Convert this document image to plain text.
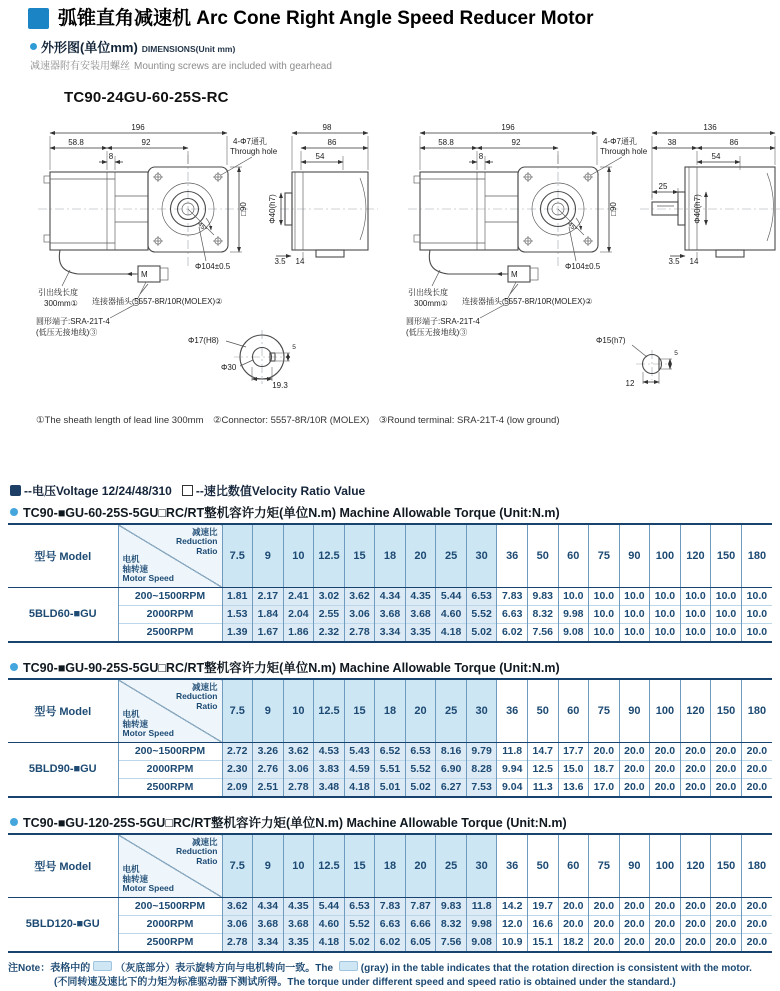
弧锥直角减速机 Arc Cone Right Angle Speed Reducer Motor
外形图(单位mm) DIMENSIONS(Unit mm)
减速器附有安装用螺丝 Mounting screws are included with gearhead
TC90-24GU-60-25S-RC
45°
196
58.8	92
8
□90
4-Φ7通孔
Through hole
Φ104±0.5
M
引出线长度
300mm① 连接器插头:5557-8R/10R(MOLEX)②
圆形端子:SRA-21T-4
(低压无接地线)③
98
86
54
Φ40(h7)
3.5 14
Φ17(H8)
Φ30
19.3
5
45°
196
58.8	92
8
□90
4-Φ7通孔
Through hole
Φ104±0.5
M
引出线长度
300mm① 连接器插头:5557-8R/10R(MOLEX)②
圆形端子:SRA-21T-4
(低压无接地线)③
136
38	86
54
25
Φ40(h7)
3.5 14
Φ15(h7)
12
5
①The sheath length of lead line 300mm　②Connector: 5557-8R/10R (MOLEX)　③Round terminal: SRA-21T-4 (low ground)
--电压Voltage 12/24/48/310 --速比数值Velocity Ratio Value
TC90-■GU-60-25S-5GU□RC/RT整机容许力矩(单位N.m) Machine Allowable Torque (Unit:N.m)
型号 Model	
减速比
Reduction
Ratio
电机
轴转速
Motor Speed
	7.5	9	10	12.5	15	18	20	25	30	36	50	60	75	90	100	120	150	180
5BLD60-■GU	200~1500RPM	1.81	2.17	2.41	3.02	3.62	4.34	4.35	5.44	6.53	7.83	9.83	10.0	10.0	10.0	10.0	10.0	10.0	10.0
	2000RPM	1.53	1.84	2.04	2.55	3.06	3.68	3.68	4.60	5.52	6.63	8.32	9.98	10.0	10.0	10.0	10.0	10.0	10.0
	2500RPM	1.39	1.67	1.86	2.32	2.78	3.34	3.35	4.18	5.02	6.02	7.56	9.08	10.0	10.0	10.0	10.0	10.0	10.0
TC90-■GU-90-25S-5GU□RC/RT整机容许力矩(单位N.m) Machine Allowable Torque (Unit:N.m)
型号 Model	
减速比
Reduction
Ratio
电机
轴转速
Motor Speed
	7.5	9	10	12.5	15	18	20	25	30	36	50	60	75	90	100	120	150	180
5BLD90-■GU	200~1500RPM	2.72	3.26	3.62	4.53	5.43	6.52	6.53	8.16	9.79	11.8	14.7	17.7	20.0	20.0	20.0	20.0	20.0	20.0
	2000RPM	2.30	2.76	3.06	3.83	4.59	5.51	5.52	6.90	8.28	9.94	12.5	15.0	18.7	20.0	20.0	20.0	20.0	20.0
	2500RPM	2.09	2.51	2.78	3.48	4.18	5.01	5.02	6.27	7.53	9.04	11.3	13.6	17.0	20.0	20.0	20.0	20.0	20.0
TC90-■GU-120-25S-5GU□RC/RT整机容许力矩(单位N.m) Machine Allowable Torque (Unit:N.m)
型号 Model	
减速比
Reduction
Ratio
电机
轴转速
Motor Speed
	7.5	9	10	12.5	15	18	20	25	30	36	50	60	75	90	100	120	150	180
5BLD120-■GU	200~1500RPM	3.62	4.34	4.35	5.44	6.53	7.83	7.87	9.83	11.8	14.2	19.7	20.0	20.0	20.0	20.0	20.0	20.0	20.0
	2000RPM	3.06	3.68	3.68	4.60	5.52	6.63	6.66	8.32	9.98	12.0	16.6	20.0	20.0	20.0	20.0	20.0	20.0	20.0
	2500RPM	2.78	3.34	3.35	4.18	5.02	6.02	6.05	7.56	9.08	10.9	15.1	18.2	20.0	20.0	20.0	20.0	20.0	20.0
注Note：表格中的	（灰底部分）表示旋转方向与电机转向一致。The	(gray) in the table indicates that the rotation direction is consistent with the motor.
(不同转速及速比下的力矩为标准驱动器下测试所得。The torque under different speed and speed ratio is obtained under the standard.)
